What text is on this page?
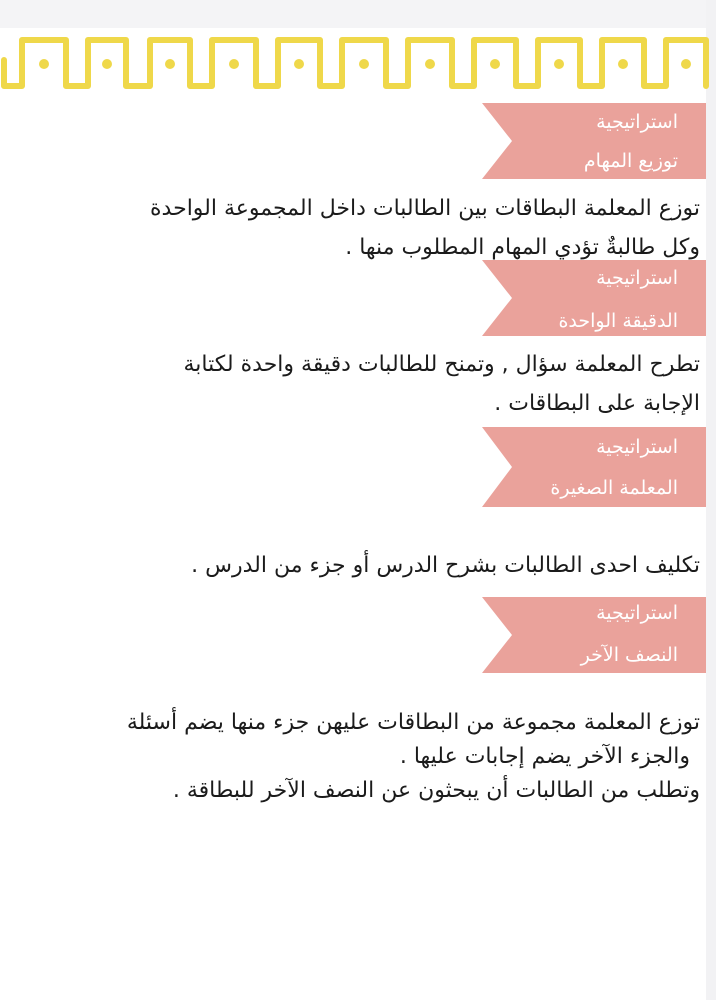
استراتيجية
توزيع المهام
توزع المعلمة البطاقات بين الطالبات داخل المجموعة الواحدة
وكل طالبةٌ تؤدي المهام المطلوب منها .
استراتيجية
الدقيقة الواحدة
تطرح المعلمة سؤال , وتمنح للطالبات دقيقة واحدة لكتابة
الإجابة على البطاقات .
استراتيجية
المعلمة الصغيرة
تكليف احدى الطالبات بشرح الدرس أو جزء من الدرس .
استراتيجية
النصف الآخر
توزع المعلمة مجموعة من البطاقات عليهن جزء منها يضم أسئلة
والجزء الآخر يضم إجابات عليها .
وتطلب من الطالبات أن يبحثون عن النصف الآخر للبطاقة .
